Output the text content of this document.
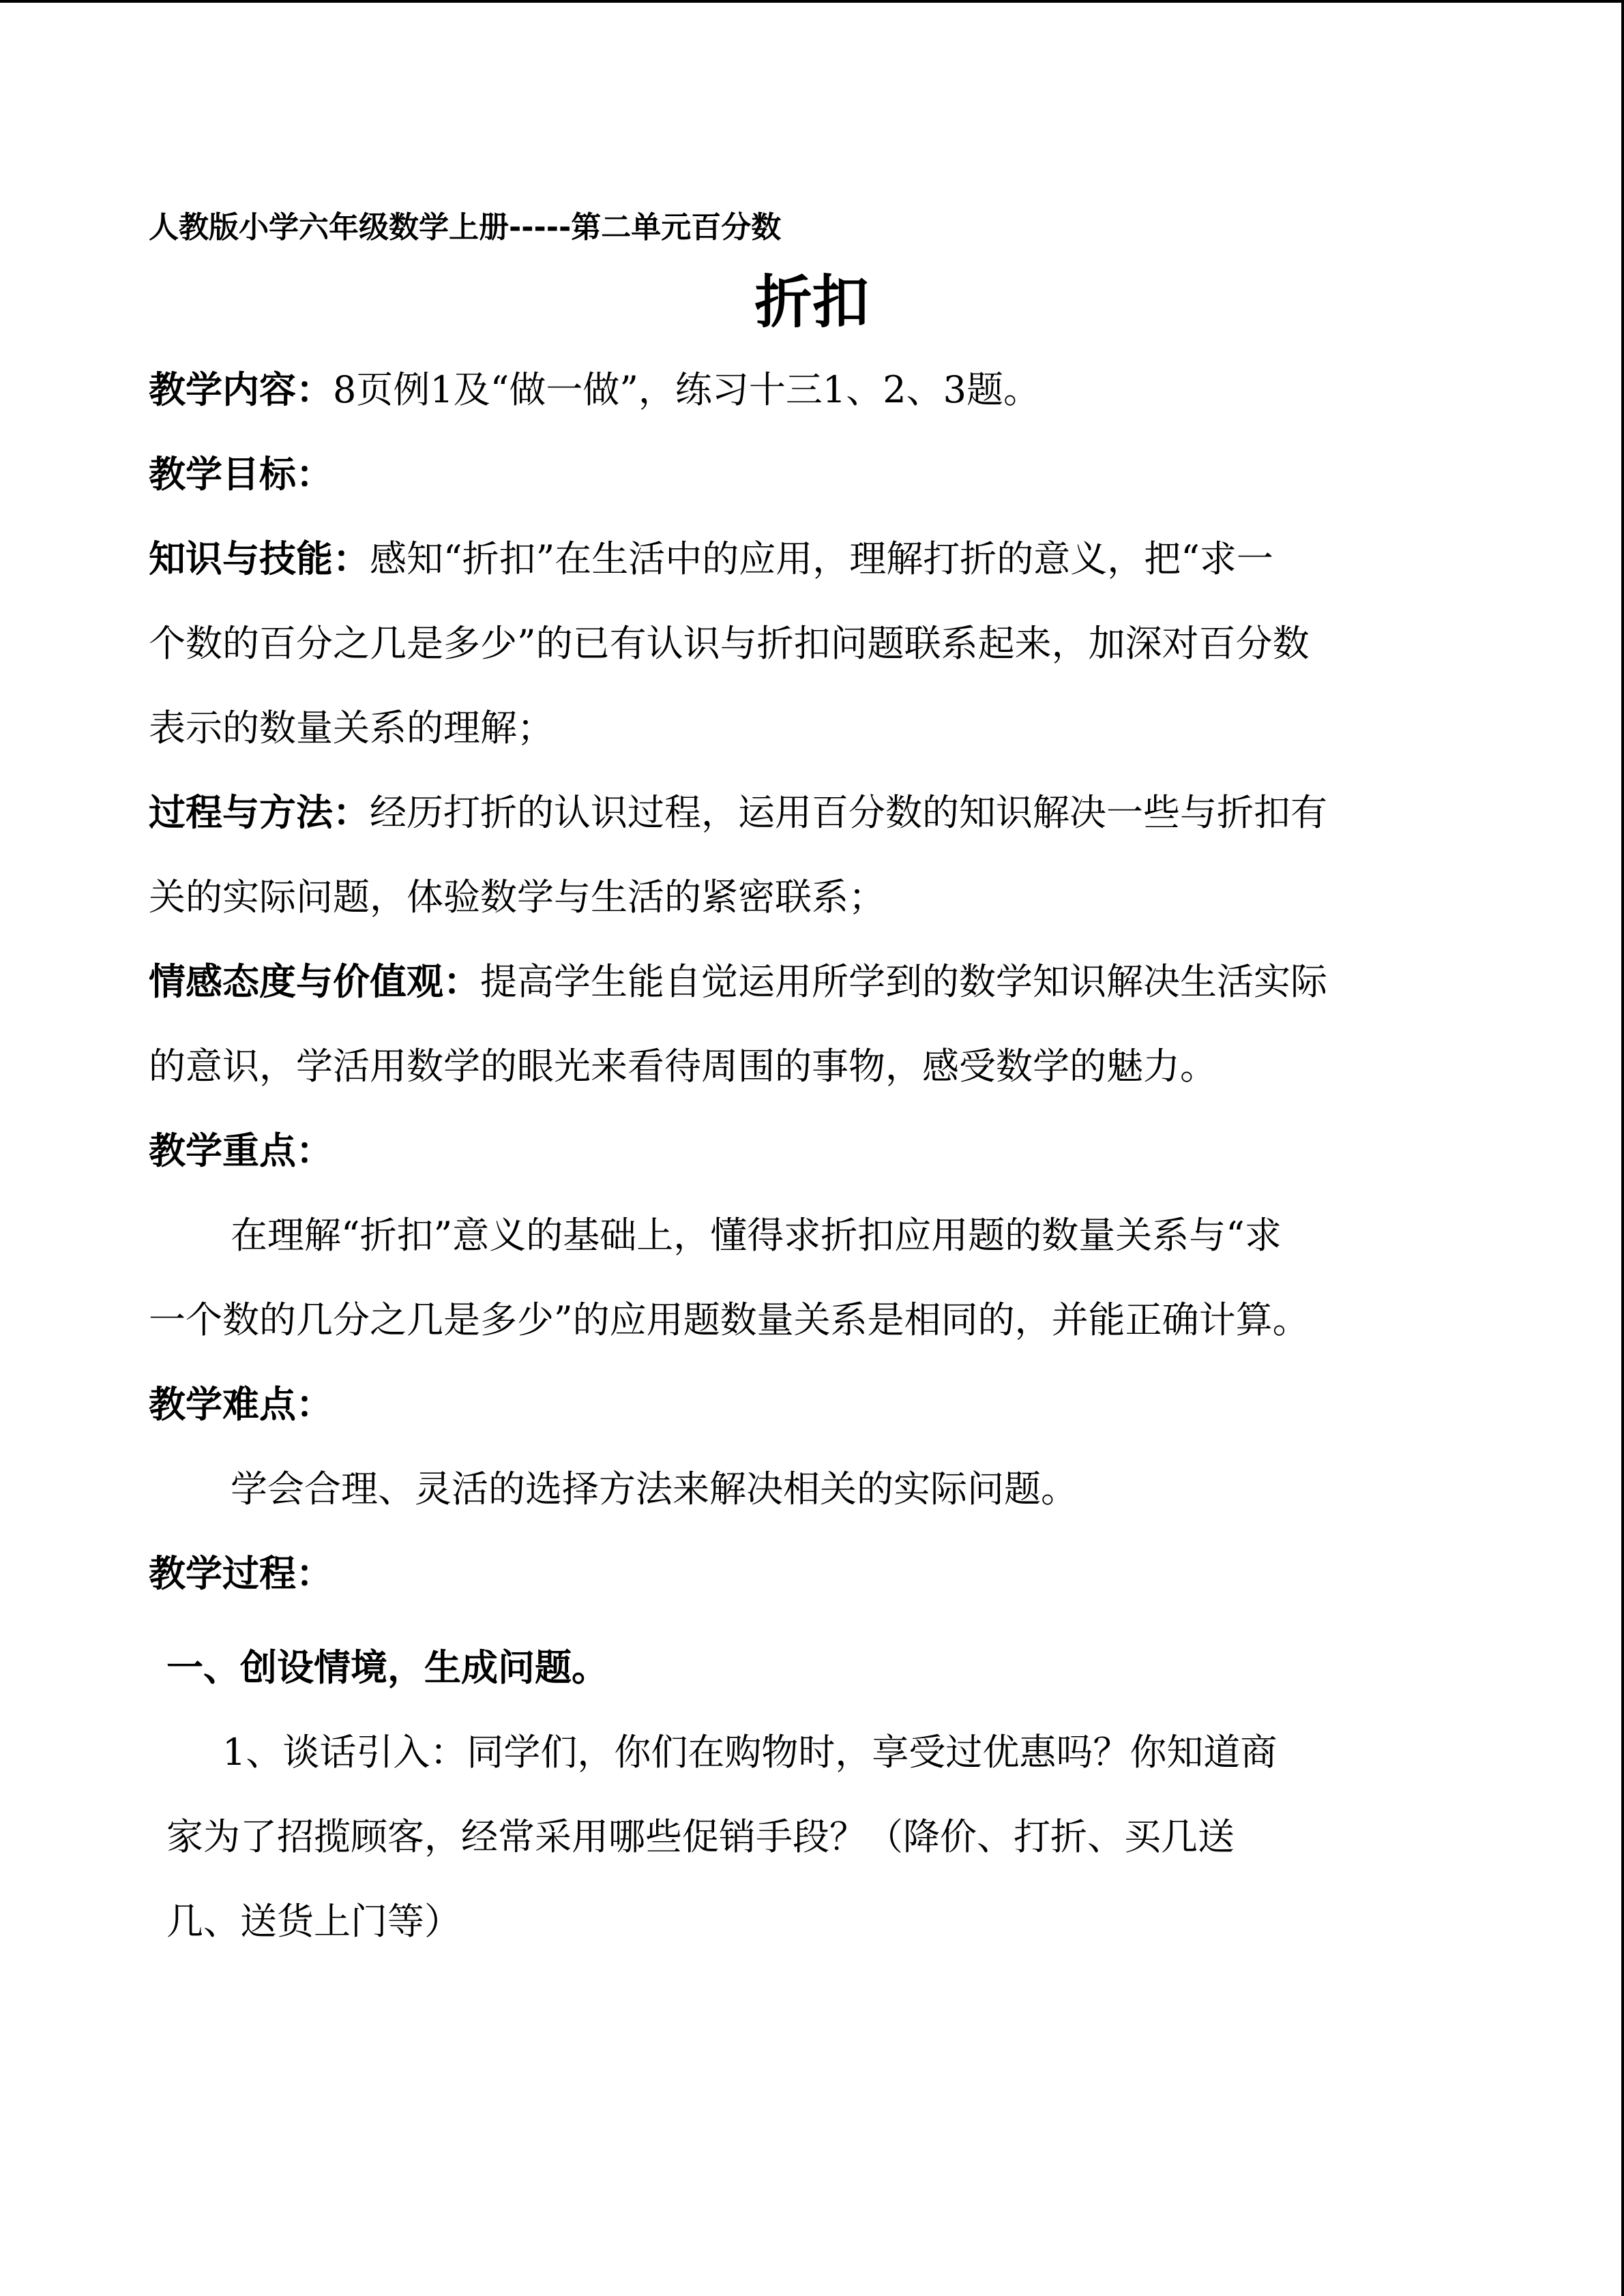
人教版小学六年级数学上册-----第二单元百分数
折扣
教学内容：8页例1及“做一做”，练习十三1、2、3题。
教学目标：
知识与技能：感知“折扣”在生活中的应用，理解打折的意义，把“求一
个数的百分之几是多少”的已有认识与折扣问题联系起来，加深对百分数
表示的数量关系的理解；
过程与方法：经历打折的认识过程，运用百分数的知识解决一些与折扣有
关的实际问题，体验数学与生活的紧密联系；
情感态度与价值观：提高学生能自觉运用所学到的数学知识解决生活实际
的意识，学活用数学的眼光来看待周围的事物，感受数学的魅力。
教学重点：
在理解“折扣”意义的基础上，懂得求折扣应用题的数量关系与“求
一个数的几分之几是多少”的应用题数量关系是相同的，并能正确计算。
教学难点：
学会合理、灵活的选择方法来解决相关的实际问题。
教学过程：
一、创设情境，生成问题。
1、谈话引入：同学们，你们在购物时，享受过优惠吗？你知道商
家为了招揽顾客，经常采用哪些促销手段？（降价、打折、买几送
几、送货上门等）
